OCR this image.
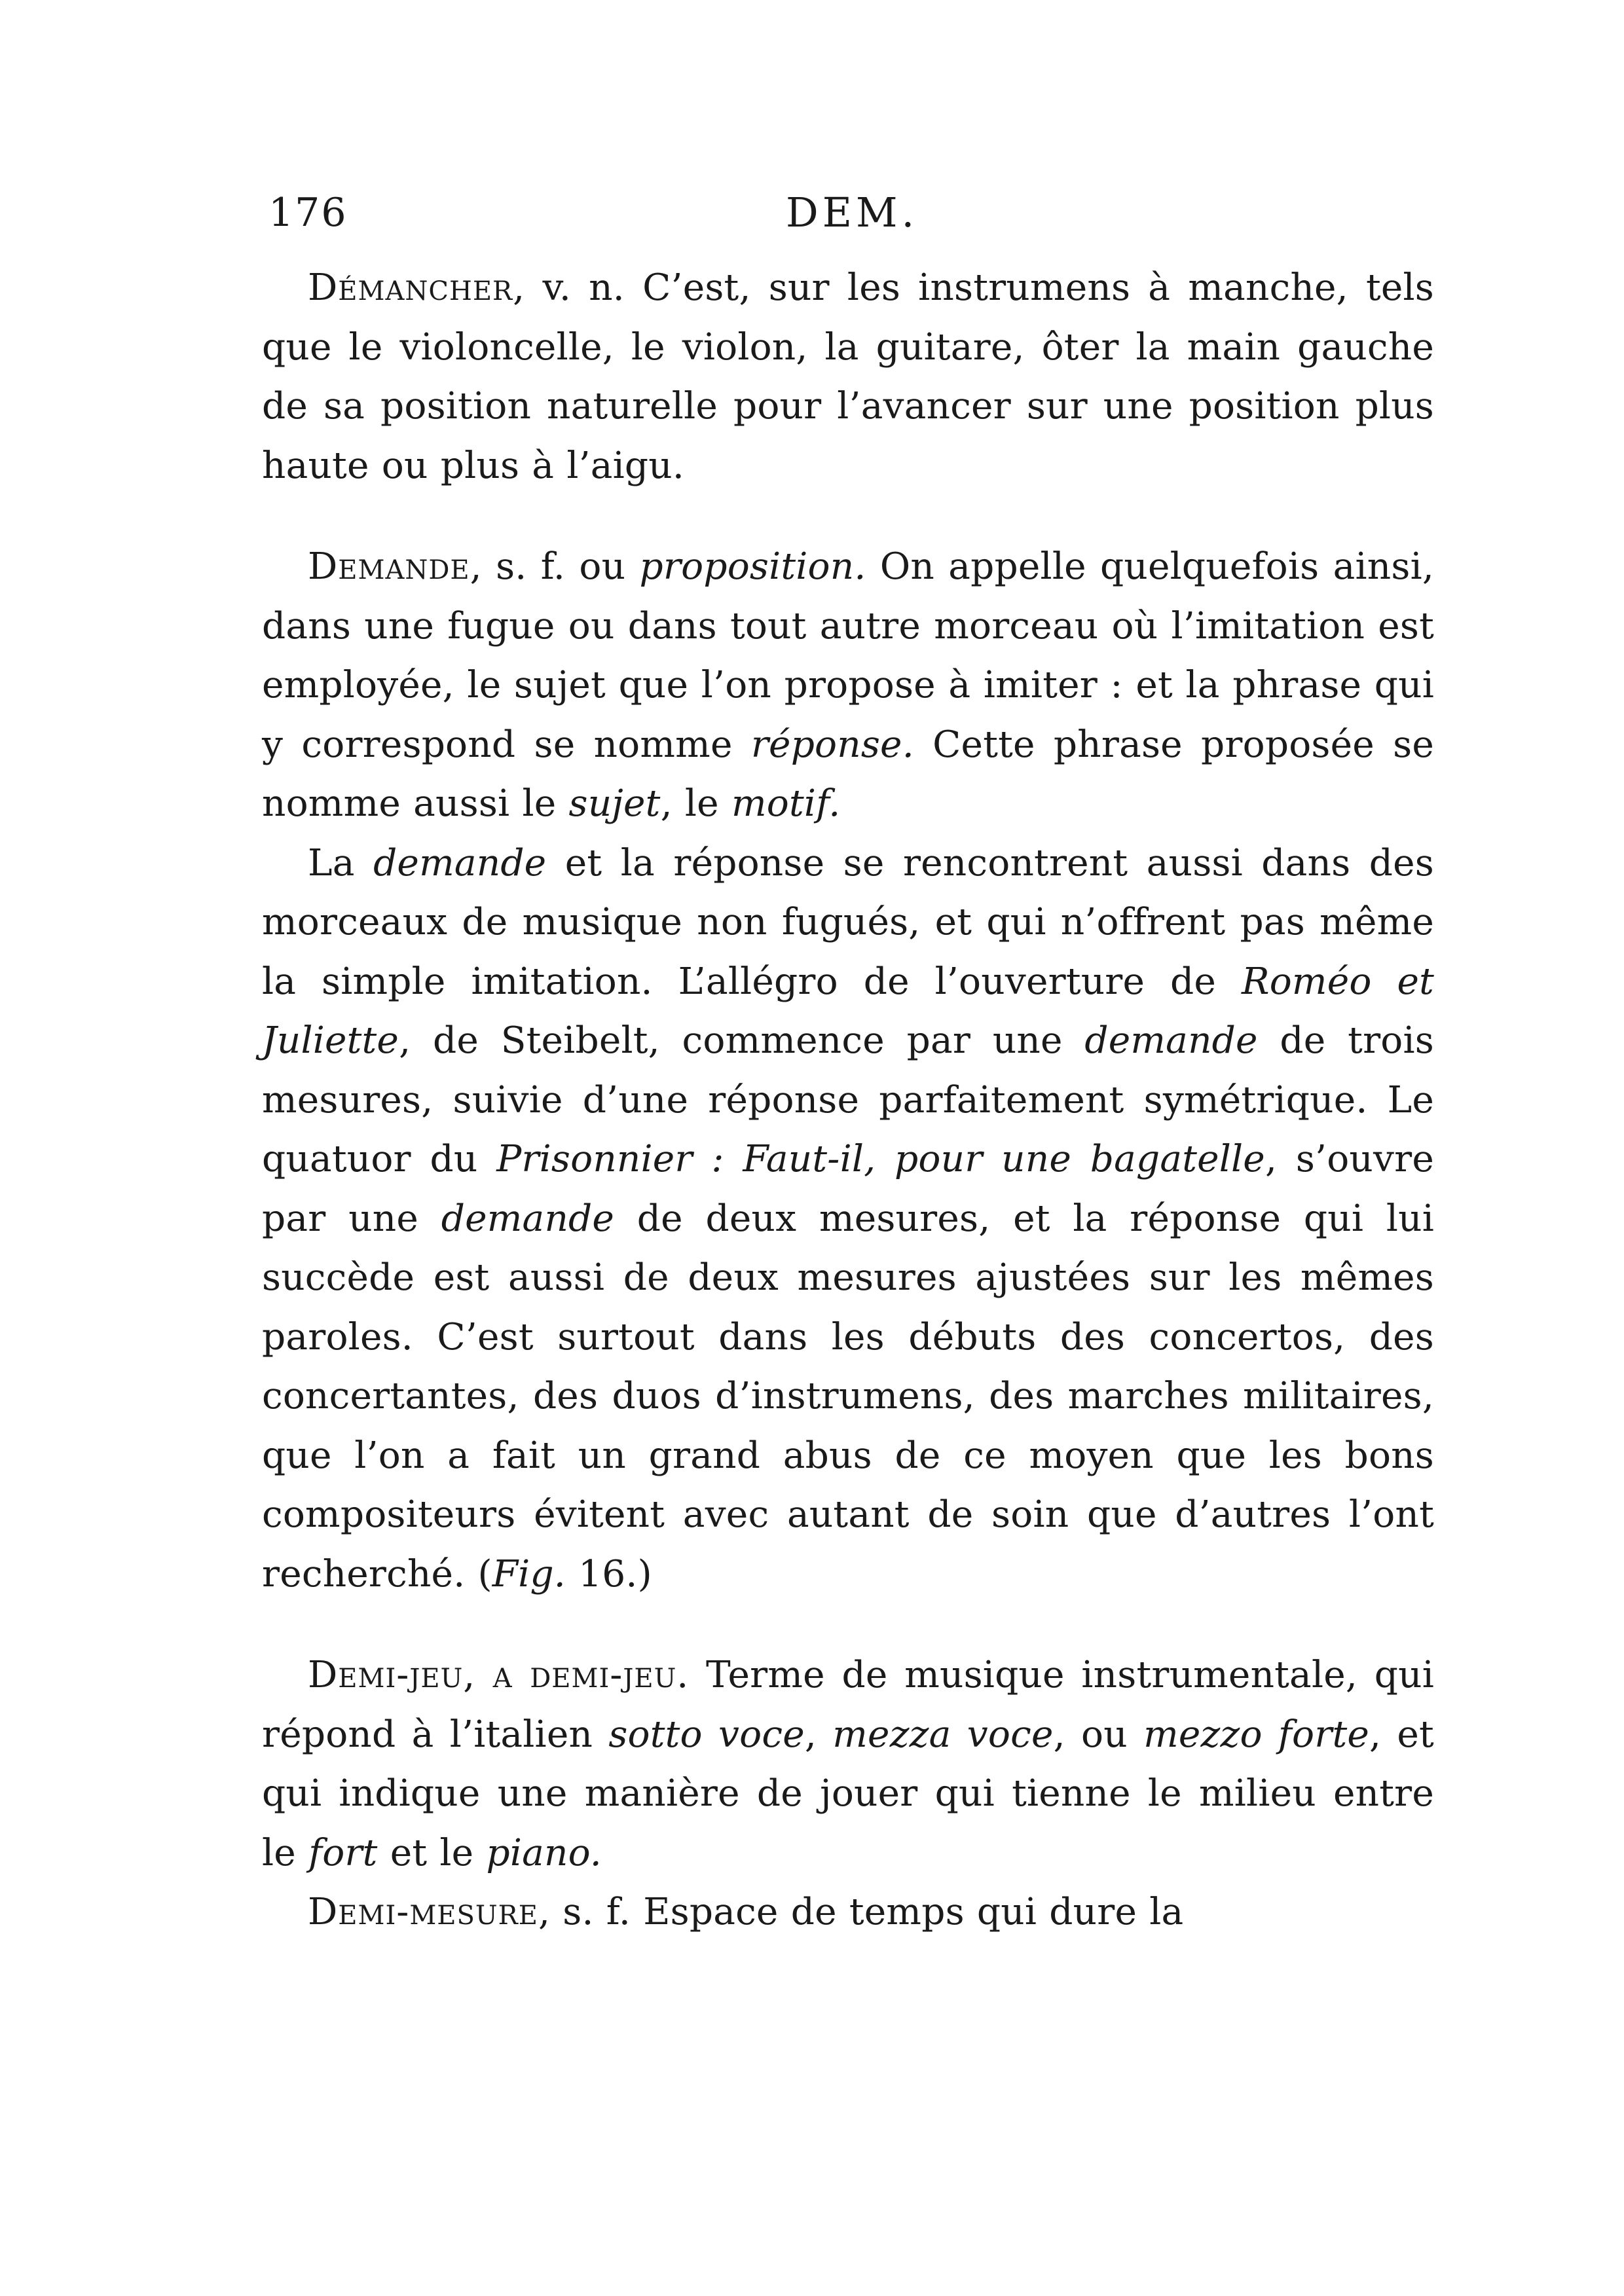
176	DEM.

Démancher, v. n. C’est, sur les instrumens à manche, tels que le violoncelle, le violon, la guitare, ôter la main gauche de sa position naturelle pour l’avancer sur une position plus haute ou plus à l’aigu.

Demande, s. f. ou proposition. On appelle quelquefois ainsi, dans une fugue ou dans tout autre morceau où l’imitation est employée, le sujet que l’on propose à imiter : et la phrase qui y correspond se nomme réponse. Cette phrase proposée se nomme aussi le sujet, le motif.

La demande et la réponse se rencontrent aussi dans des morceaux de musique non fugués, et qui n’offrent pas même la simple imitation. L’allégro de l’ouverture de Roméo et Juliette, de Steibelt, commence par une demande de trois mesures, suivie d’une réponse parfaitement symétrique. Le quatuor du Prisonnier : Faut-il, pour une bagatelle, s’ouvre par une demande de deux mesures, et la réponse qui lui succède est aussi de deux mesures ajustées sur les mêmes paroles. C’est surtout dans les débuts des concertos, des concertantes, des duos d’instrumens, des marches militaires, que l’on a fait un grand abus de ce moyen que les bons compositeurs évitent avec autant de soin que d’autres l’ont recherché. (Fig. 16.)

Demi-jeu, a demi-jeu. Terme de musique instrumentale, qui répond à l’italien sotto voce, mezza voce, ou mezzo forte, et qui indique une manière de jouer qui tienne le milieu entre le fort et le piano.

Demi-mesure, s. f. Espace de temps qui dure la
